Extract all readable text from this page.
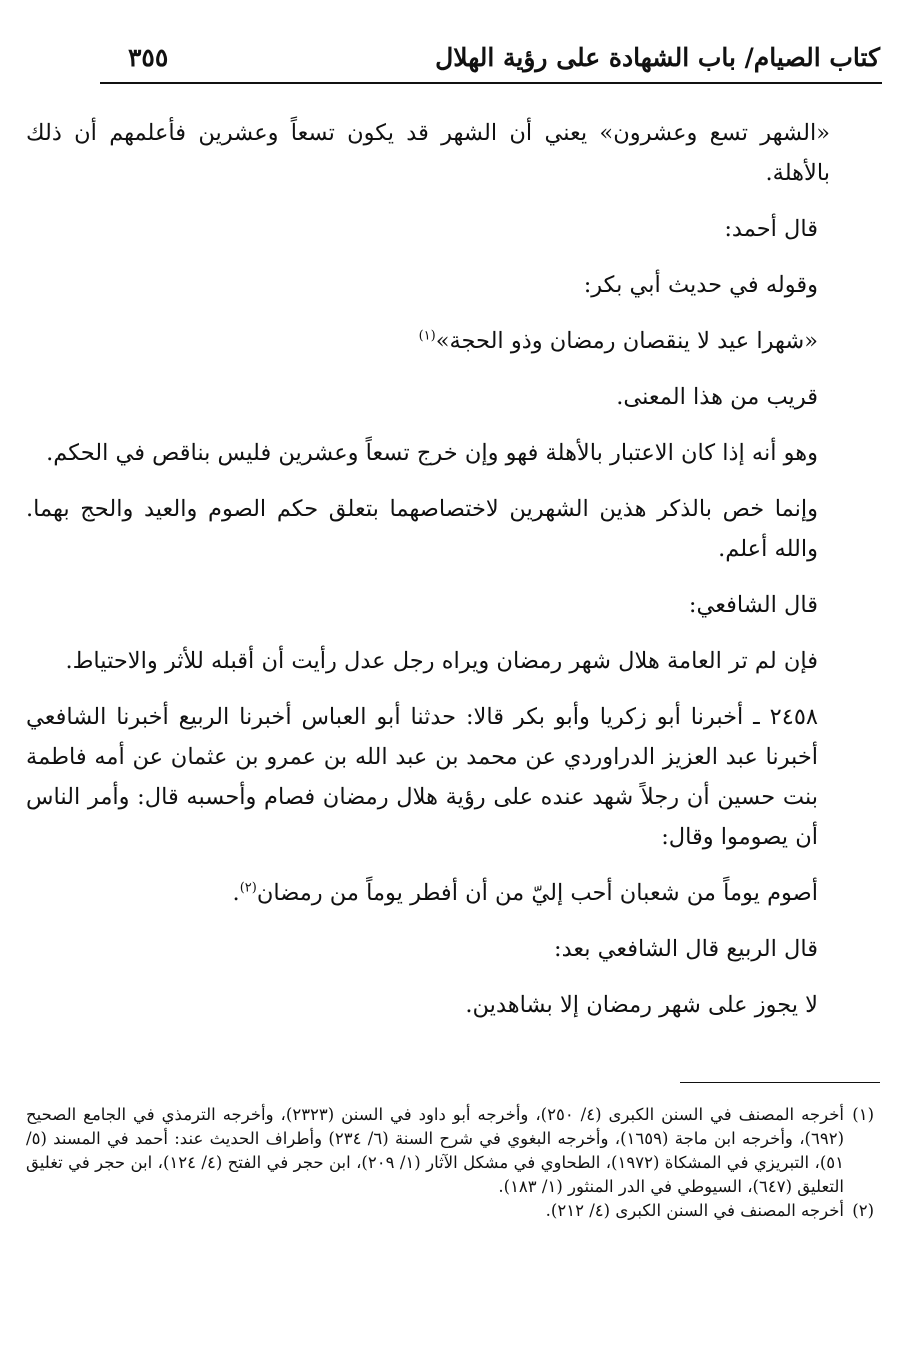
كتاب الصيام/ باب الشهادة على رؤية الهلال
٣٥٥

«الشهر تسع وعشرون» يعني أن الشهر قد يكون تسعاً وعشرين فأعلمهم أن ذلك بالأهلة.

قال أحمد:

وقوله في حديث أبي بكر:

«شهرا عيد لا ينقصان رمضان وذو الحجة»$^{(١)}$

قريب من هذا المعنى.

وهو أنه إذا كان الاعتبار بالأهلة فهو وإن خرج تسعاً وعشرين فليس بناقص في الحكم.

وإنما خص بالذكر هذين الشهرين لاختصاصهما بتعلق حكم الصوم والعيد والحج بهما. والله أعلم.

قال الشافعي:

فإن لم تر العامة هلال شهر رمضان ويراه رجل عدل رأيت أن أقبله للأثر والاحتياط.

٢٤٥٨ ـ أخبرنا أبو زكريا وأبو بكر قالا: حدثنا أبو العباس أخبرنا الربيع أخبرنا الشافعي أخبرنا عبد العزيز الدراوردي عن محمد بن عبد الله بن عمرو بن عثمان عن أمه فاطمة بنت حسين أن رجلاً شهد عنده على رؤية هلال رمضان فصام وأحسبه قال: وأمر الناس أن يصوموا وقال:

أصوم يوماً من شعبان أحب إليّ من أن أفطر يوماً من رمضان$^{(٢)}$.

قال الربيع قال الشافعي بعد:

لا يجوز على شهر رمضان إلا بشاهدين.

(١)
أخرجه المصنف في السنن الكبرى (٤/ ٢٥٠)، وأخرجه أبو داود في السنن (٢٣٢٣)، وأخرجه الترمذي في الجامع الصحيح (٦٩٢)، وأخرجه ابن ماجة (١٦٥٩)، وأخرجه البغوي في شرح السنة (٦/ ٢٣٤) وأطراف الحديث عند: أحمد في المسند (٥/ ٥١)، التبريزي في المشكاة (١٩٧٢)، الطحاوي في مشكل الآثار (١/ ٢٠٩)، ابن حجر في الفتح (٤/ ١٢٤)، ابن حجر في تغليق التعليق (٦٤٧)، السيوطي في الدر المنثور (١/ ١٨٣).
(٢)
أخرجه المصنف في السنن الكبرى (٤/ ٢١٢).
